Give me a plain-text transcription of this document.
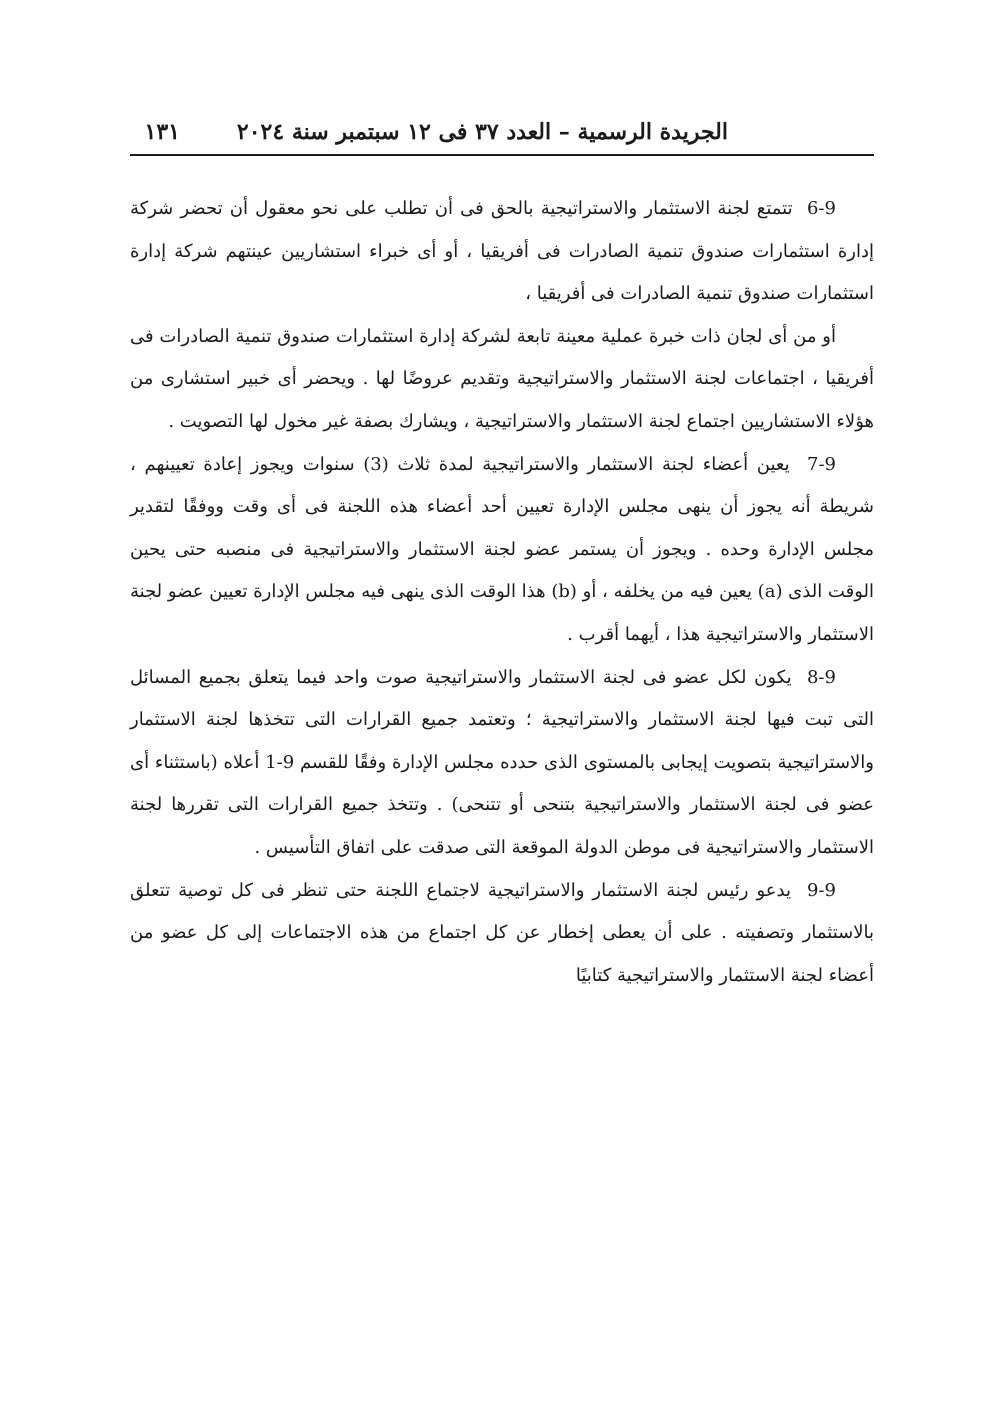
الجريدة الرسمية – العدد ٣٧ فى ١٢ سبتمبر سنة ٢٠٢٤
١٣١

6-9  تتمتع لجنة الاستثمار والاستراتيجية بالحق فى أن تطلب على نحو معقول أن تحضر شركة إدارة استثمارات صندوق تنمية الصادرات فى أفريقيا ، أو أى خبراء استشاريين عينتهم شركة إدارة استثمارات صندوق تنمية الصادرات فى أفريقيا ،

أو من أى لجان ذات خبرة عملية معينة تابعة لشركة إدارة استثمارات صندوق تنمية الصادرات فى أفريقيا ، اجتماعات لجنة الاستثمار والاستراتيجية وتقديم عروضًا لها . ويحضر أى خبير استشارى من هؤلاء الاستشاريين اجتماع لجنة الاستثمار والاستراتيجية ، ويشارك بصفة غير مخول لها التصويت .

7-9  يعين أعضاء لجنة الاستثمار والاستراتيجية لمدة ثلاث (3) سنوات ويجوز إعادة تعيينهم ، شريطة أنه يجوز أن ينهى مجلس الإدارة تعيين أحد أعضاء هذه اللجنة فى أى وقت ووفقًا لتقدير مجلس الإدارة وحده . ويجوز أن يستمر عضو لجنة الاستثمار والاستراتيجية فى منصبه حتى يحين الوقت الذى (a) يعين فيه من يخلفه ، أو (b) هذا الوقت الذى ينهى فيه مجلس الإدارة تعيين عضو لجنة الاستثمار والاستراتيجية هذا ، أيهما أقرب .

8-9  يكون لكل عضو فى لجنة الاستثمار والاستراتيجية صوت واحد فيما يتعلق بجميع المسائل التى تبت فيها لجنة الاستثمار والاستراتيجية ؛ وتعتمد جميع القرارات التى تتخذها لجنة الاستثمار والاستراتيجية بتصويت إيجابى بالمستوى الذى حدده مجلس الإدارة وفقًا للقسم 9-1 أعلاه (باستثناء أى عضو فى لجنة الاستثمار والاستراتيجية بتنحى أو تتنحى) . وتتخذ جميع القرارات التى تقررها لجنة الاستثمار والاستراتيجية فى موطن الدولة الموقعة التى صدقت على اتفاق التأسيس .

9-9  يدعو رئيس لجنة الاستثمار والاستراتيجية لاجتماع اللجنة حتى تنظر فى كل توصية تتعلق بالاستثمار وتصفيته . على أن يعطى إخطار عن كل اجتماع من هذه الاجتماعات إلى كل عضو من أعضاء لجنة الاستثمار والاستراتيجية كتابيًا
